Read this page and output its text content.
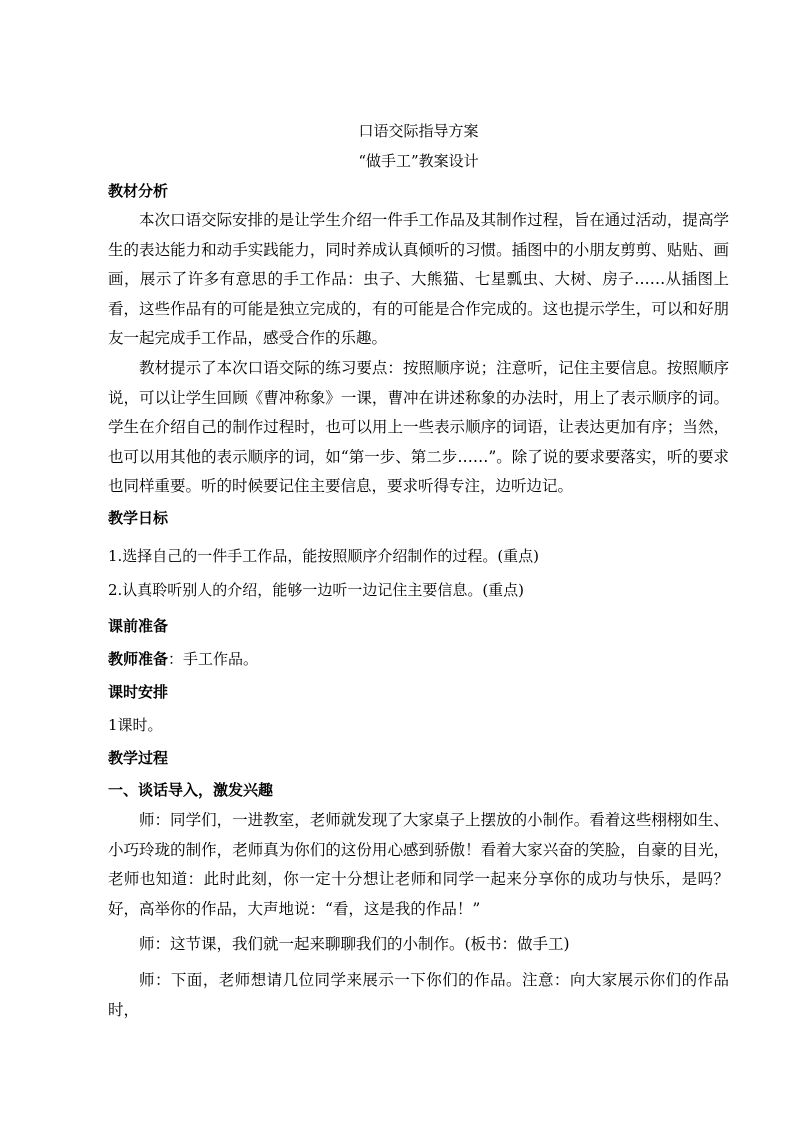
口语交际指导方案

“做手工”教案设计

教材分析

本次口语交际安排的是让学生介绍一件手工作品及其制作过程，旨在通过活动，提高学生的表达能力和动手实践能力，同时养成认真倾听的习惯。插图中的小朋友剪剪、贴贴、画画，展示了许多有意思的手工作品：虫子、大熊猫、七星瓢虫、大树、房子……从插图上看，这些作品有的可能是独立完成的，有的可能是合作完成的。这也提示学生，可以和好朋友一起完成手工作品，感受合作的乐趣。

教材提示了本次口语交际的练习要点：按照顺序说；注意听，记住主要信息。按照顺序说，可以让学生回顾《曹冲称象》一课，曹冲在讲述称象的办法时，用上了表示顺序的词。学生在介绍自己的制作过程时，也可以用上一些表示顺序的词语，让表达更加有序；当然，也可以用其他的表示顺序的词，如“第一步、第二步……”。除了说的要求要落实，听的要求也同样重要。听的时候要记住主要信息，要求听得专注，边听边记。

教学日标

1.选择自己的一件手工作品，能按照顺序介绍制作的过程。(重点)

2.认真聆听别人的介绍，能够一边听一边记住主要信息。(重点)

课前准备

教师准备：手工作品。

课时安排

1课时。

教学过程

一、谈话导入，激发兴趣

师：同学们，一进教室，老师就发现了大家桌子上摆放的小制作。看着这些栩栩如生、小巧玲珑的制作，老师真为你们的这份用心感到骄傲！看着大家兴奋的笑脸，自豪的目光，老师也知道：此时此刻，你一定十分想让老师和同学一起来分享你的成功与快乐，是吗？好，高举你的作品，大声地说：“看，这是我的作品！”

师：这节课，我们就一起来聊聊我们的小制作。(板书：做手工)

师：下面，老师想请几位同学来展示一下你们的作品。注意：向大家展示你们的作品时，
